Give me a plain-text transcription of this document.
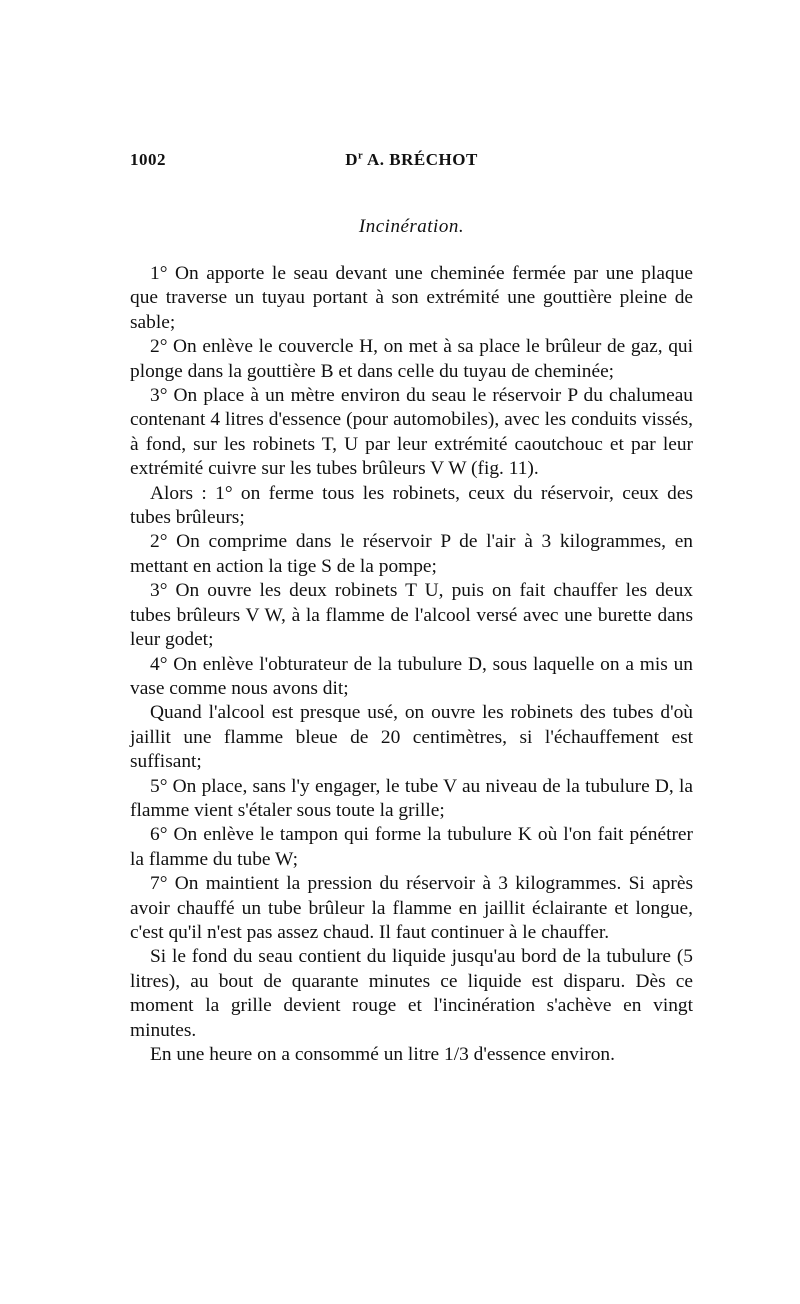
1002	$D^r$ A. BRÉCHOT
Incinération.

1° On apporte le seau devant une cheminée fermée par une plaque que traverse un tuyau portant à son extrémité une gouttière pleine de sable;

2° On enlève le couvercle H, on met à sa place le brûleur de gaz, qui plonge dans la gouttière B et dans celle du tuyau de cheminée;

3° On place à un mètre environ du seau le réservoir P du chalumeau contenant 4 litres d'essence (pour automobiles), avec les conduits vissés, à fond, sur les robinets T, U par leur extrémité caoutchouc et par leur extrémité cuivre sur les tubes brûleurs V W (fig. 11).

Alors : 1° on ferme tous les robinets, ceux du réservoir, ceux des tubes brûleurs;

2° On comprime dans le réservoir P de l'air à 3 kilogrammes, en mettant en action la tige S de la pompe;

3° On ouvre les deux robinets T U, puis on fait chauffer les deux tubes brûleurs V W, à la flamme de l'alcool versé avec une burette dans leur godet;

4° On enlève l'obturateur de la tubulure D, sous laquelle on a mis un vase comme nous avons dit;

Quand l'alcool est presque usé, on ouvre les robinets des tubes d'où jaillit une flamme bleue de 20 centimètres, si l'échauffement est suffisant;

5° On place, sans l'y engager, le tube V au niveau de la tubulure D, la flamme vient s'étaler sous toute la grille;

6° On enlève le tampon qui forme la tubulure K où l'on fait pénétrer la flamme du tube W;

7° On maintient la pression du réservoir à 3 kilogrammes. Si après avoir chauffé un tube brûleur la flamme en jaillit éclairante et longue, c'est qu'il n'est pas assez chaud. Il faut continuer à le chauffer.

Si le fond du seau contient du liquide jusqu'au bord de la tubulure (5 litres), au bout de quarante minutes ce liquide est disparu. Dès ce moment la grille devient rouge et l'incinération s'achève en vingt minutes.

En une heure on a consommé un litre 1/3 d'essence environ.
